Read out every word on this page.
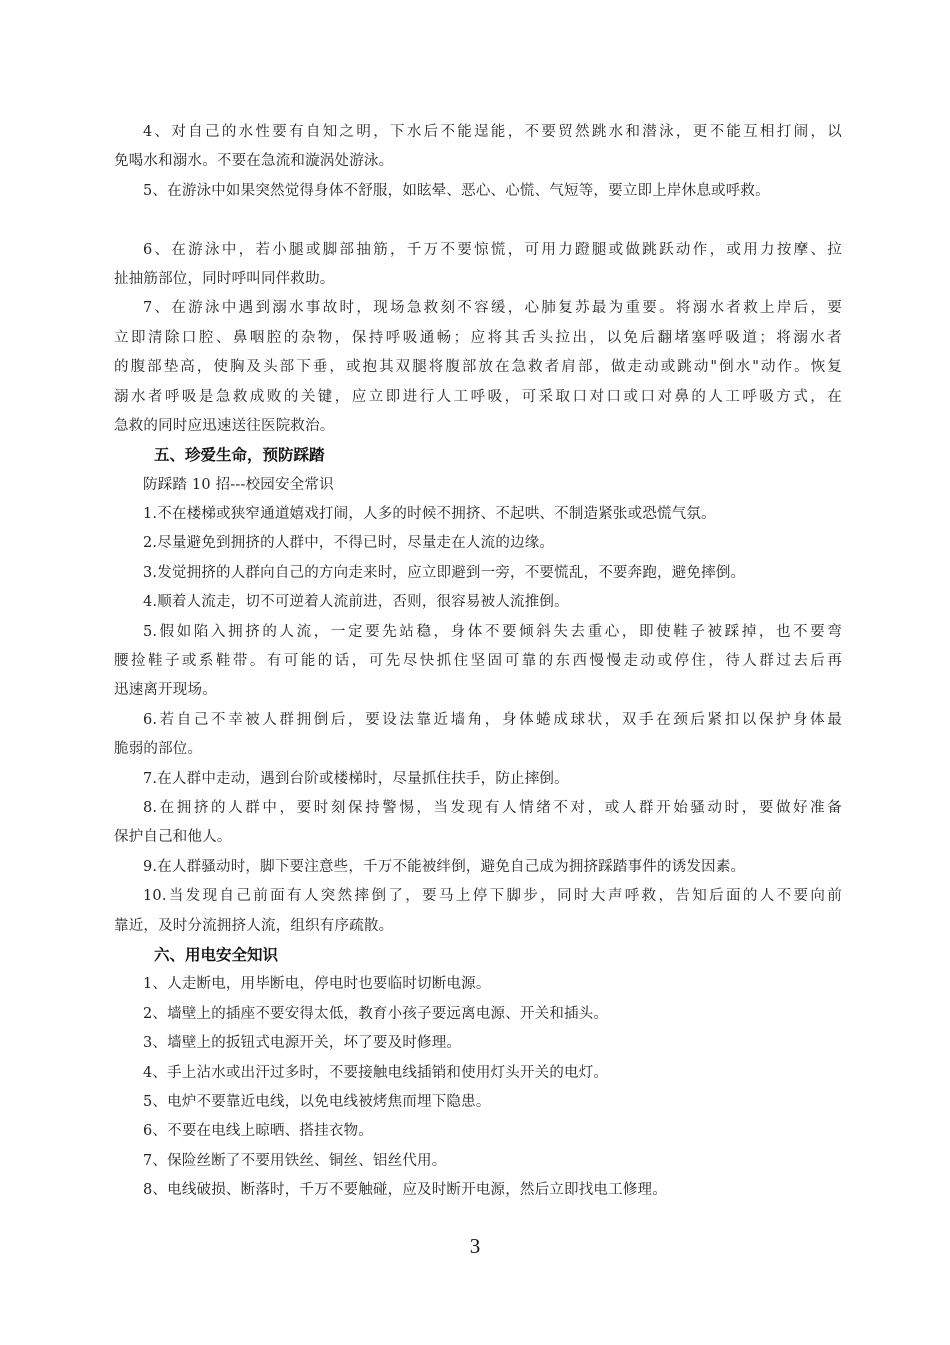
4、对自己的水性要有自知之明，下水后不能逞能，不要贸然跳水和潜泳，更不能互相打闹，以
免喝水和溺水。不要在急流和漩涡处游泳。
5、在游泳中如果突然觉得身体不舒服，如眩晕、恶心、心慌、气短等，要立即上岸休息或呼救。
6、在游泳中，若小腿或脚部抽筋，千万不要惊慌，可用力蹬腿或做跳跃动作，或用力按摩、拉
扯抽筋部位，同时呼叫同伴救助。
7、在游泳中遇到溺水事故时，现场急救刻不容缓，心肺复苏最为重要。将溺水者救上岸后，要
立即清除口腔、鼻咽腔的杂物，保持呼吸通畅；应将其舌头拉出，以免后翻堵塞呼吸道；将溺水者
的腹部垫高，使胸及头部下垂，或抱其双腿将腹部放在急救者肩部，做走动或跳动"倒水"动作。恢复
溺水者呼吸是急救成败的关键，应立即进行人工呼吸，可采取口对口或口对鼻的人工呼吸方式，在
急救的同时应迅速送往医院救治。
五、珍爱生命，预防踩踏
防踩踏 10 招---校园安全常识
1.不在楼梯或狭窄通道嬉戏打闹，人多的时候不拥挤、不起哄、不制造紧张或恐慌气氛。
2.尽量避免到拥挤的人群中，不得已时，尽量走在人流的边缘。
3.发觉拥挤的人群向自己的方向走来时，应立即避到一旁，不要慌乱，不要奔跑，避免摔倒。
4.顺着人流走，切不可逆着人流前进，否则，很容易被人流推倒。
5.假如陷入拥挤的人流，一定要先站稳，身体不要倾斜失去重心，即使鞋子被踩掉，也不要弯
腰捡鞋子或系鞋带。有可能的话，可先尽快抓住坚固可靠的东西慢慢走动或停住，待人群过去后再
迅速离开现场。
6.若自己不幸被人群拥倒后，要设法靠近墙角，身体蜷成球状，双手在颈后紧扣以保护身体最
脆弱的部位。
7.在人群中走动，遇到台阶或楼梯时，尽量抓住扶手，防止摔倒。
8.在拥挤的人群中，要时刻保持警惕，当发现有人情绪不对，或人群开始骚动时，要做好准备
保护自己和他人。
9.在人群骚动时，脚下要注意些，千万不能被绊倒，避免自己成为拥挤踩踏事件的诱发因素。
10.当发现自己前面有人突然摔倒了，要马上停下脚步，同时大声呼救，告知后面的人不要向前
靠近，及时分流拥挤人流，组织有序疏散。
六、用电安全知识
1、人走断电，用毕断电，停电时也要临时切断电源。
2、墙壁上的插座不要安得太低，教育小孩子要远离电源、开关和插头。
3、墙壁上的扳钮式电源开关，坏了要及时修理。
4、手上沾水或出汗过多时，不要接触电线插销和使用灯头开关的电灯。
5、电炉不要靠近电线，以免电线被烤焦而埋下隐患。
6、不要在电线上晾晒、搭挂衣物。
7、保险丝断了不要用铁丝、铜丝、铝丝代用。
8、电线破损、断落时，千万不要触碰，应及时断开电源，然后立即找电工修理。
3
